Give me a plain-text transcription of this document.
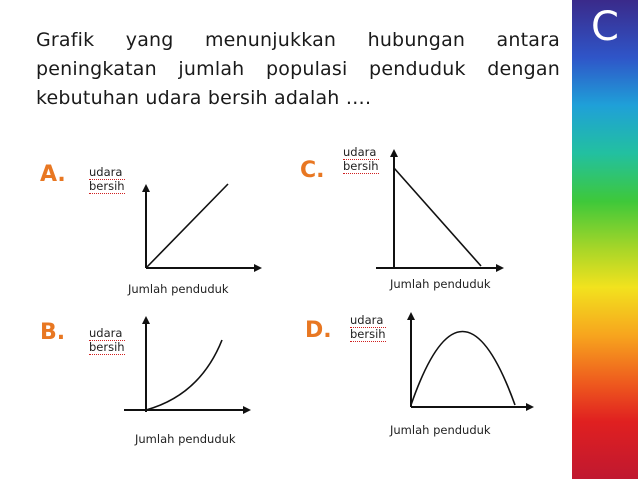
Grafik yang menunjukkan hubungan antara peningkatan jumlah populasi penduduk dengan kebutuhan udara bersih adalah ….
C
A.	C.
B.	D.
udara
bersih
udara
bersih
udara
bersih
udara
bersih
Jumlah penduduk	Jumlah penduduk
Jumlah penduduk
Jumlah penduduk
